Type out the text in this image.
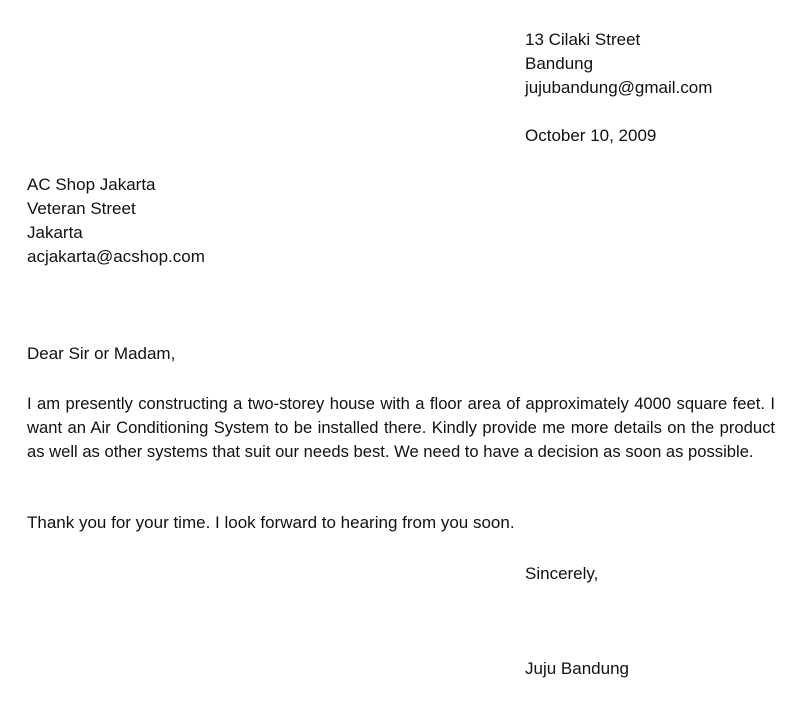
13 Cilaki Street
Bandung
jujubandung@gmail.com
October 10, 2009
AC Shop Jakarta
Veteran Street
Jakarta
acjakarta@acshop.com
Dear Sir or Madam,

I am presently constructing a two-storey house with a floor area of approximately 4000 square feet. I want an Air Conditioning System to be installed there. Kindly provide me more details on the product as well as other systems that suit our needs best. We need to have a decision as soon as possible.

Thank you for your time. I look forward to hearing from you soon.
Sincerely,
Juju Bandung
